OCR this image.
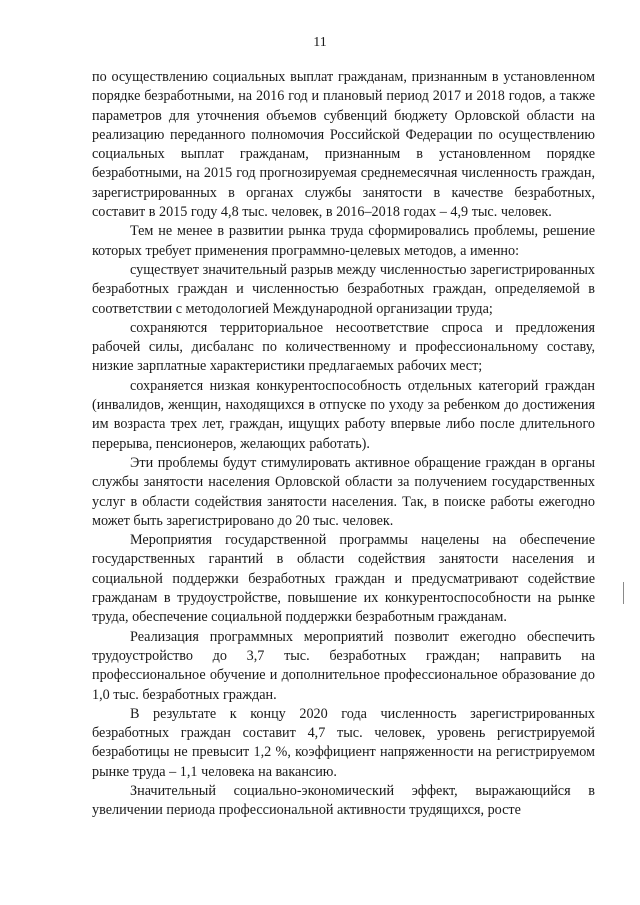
11

по осуществлению социальных выплат гражданам, признанным в установленном порядке безработными, на 2016 год и плановый период 2017 и 2018 годов, а также параметров для уточнения объемов субвенций бюджету Орловской области на реализацию переданного полномочия Российской Федерации по осуществлению социальных выплат гражданам, признанным в установленном порядке безработными, на 2015 год прогнозируемая среднемесячная численность граждан, зарегистрированных в органах службы занятости в качестве безработных, составит в 2015 году 4,8 тыс. человек, в 2016–2018 годах – 4,9 тыс. человек.

Тем не менее в развитии рынка труда сформировались проблемы, решение которых требует применения программно-целевых методов, а именно:

существует значительный разрыв между численностью зарегистрированных безработных граждан и численностью безработных граждан, определяемой в соответствии с методологией Международной организации труда;

сохраняются территориальное несоответствие спроса и предложения рабочей силы, дисбаланс по количественному и профессиональному составу, низкие зарплатные характеристики предлагаемых рабочих мест;

сохраняется низкая конкурентоспособность отдельных категорий граждан (инвалидов, женщин, находящихся в отпуске по уходу за ребенком до достижения им возраста трех лет, граждан, ищущих работу впервые либо после длительного перерыва, пенсионеров, желающих работать).

Эти проблемы будут стимулировать активное обращение граждан в органы службы занятости населения Орловской области за получением государственных услуг в области содействия занятости населения. Так, в поиске работы ежегодно может быть зарегистрировано до 20 тыс. человек.

Мероприятия государственной программы нацелены на обеспечение государственных гарантий в области содействия занятости населения и социальной поддержки безработных граждан и предусматривают содействие гражданам в трудоустройстве, повышение их конкурентоспособности на рынке труда, обеспечение социальной поддержки безработным гражданам.

Реализация программных мероприятий позволит ежегодно обеспечить трудоустройство до 3,7 тыс. безработных граждан; направить на профессиональное обучение и дополнительное профессиональное образование до 1,0 тыс. безработных граждан.

В результате к концу 2020 года численность зарегистрированных безработных граждан составит 4,7 тыс. человек, уровень регистрируемой безработицы не превысит 1,2 %, коэффициент напряженности на регистрируемом рынке труда – 1,1 человека на вакансию.

Значительный социально-экономический эффект, выражающийся в увеличении периода профессиональной активности трудящихся, росте
